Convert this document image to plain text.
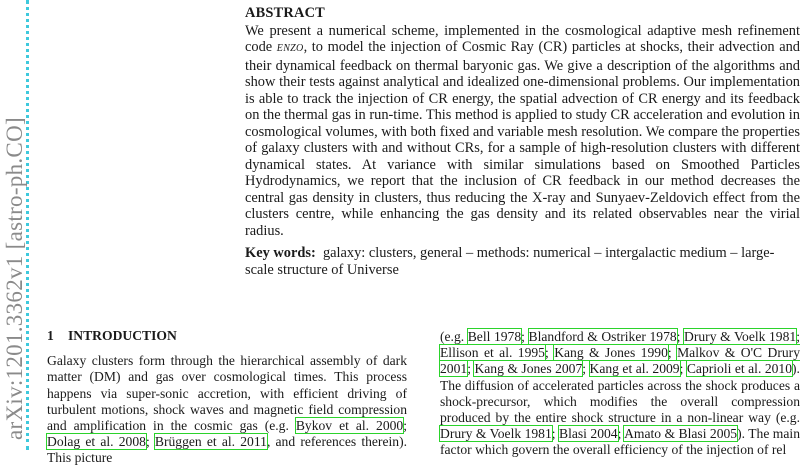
arXiv:1201.3362v1 [astro-ph.CO]
ABSTRACT
We present a numerical scheme, implemented in the cosmological adaptive mesh refinement code ENZO, to model the injection of Cosmic Ray (CR) particles at shocks, their advection and their dynamical feedback on thermal baryonic gas. We give a description of the algorithms and show their tests against analytical and idealized one-dimensional problems. Our implementation is able to track the injection of CR energy, the spatial advection of CR energy and its feedback on the thermal gas in run-time. This method is applied to study CR acceleration and evolution in cosmological volumes, with both fixed and variable mesh resolution. We compare the properties of galaxy clusters with and without CRs, for a sample of high-resolution clusters with different dynamical states. At variance with similar simulations based on Smoothed Particles Hydrodynamics, we report that the inclusion of CR feedback in our method decreases the central gas density in clusters, thus reducing the X-ray and Sunyaev-Zeldovich effect from the clusters centre, while enhancing the gas density and its related observables near the virial radius.
Key words: galaxy: clusters, general – methods: numerical – intergalactic medium – large-scale structure of Universe
1 INTRODUCTION
Galaxy clusters form through the hierarchical assembly of dark matter (DM) and gas over cosmological times. This process happens via super-sonic accretion, with efficient driving of turbulent motions, shock waves and magnetic field compression and amplification in the cosmic gas (e.g. Bykov et al. 2000; Dolag et al. 2008; Brüggen et al. 2011, and references therein). This picture
(e.g. Bell 1978; Blandford & Ostriker 1978; Drury & Voelk 1981; Ellison et al. 1995; Kang & Jones 1990; Malkov & O'C Drury 2001; Kang & Jones 2007; Kang et al. 2009; Caprioli et al. 2010). The diffusion of accelerated particles across the shock produces a shock-precursor, which modifies the overall compression produced by the entire shock structure in a non-linear way (e.g. Drury & Voelk 1981; Blasi 2004; Amato & Blasi 2005). The main factor which govern the overall efficiency of the injection of rel
